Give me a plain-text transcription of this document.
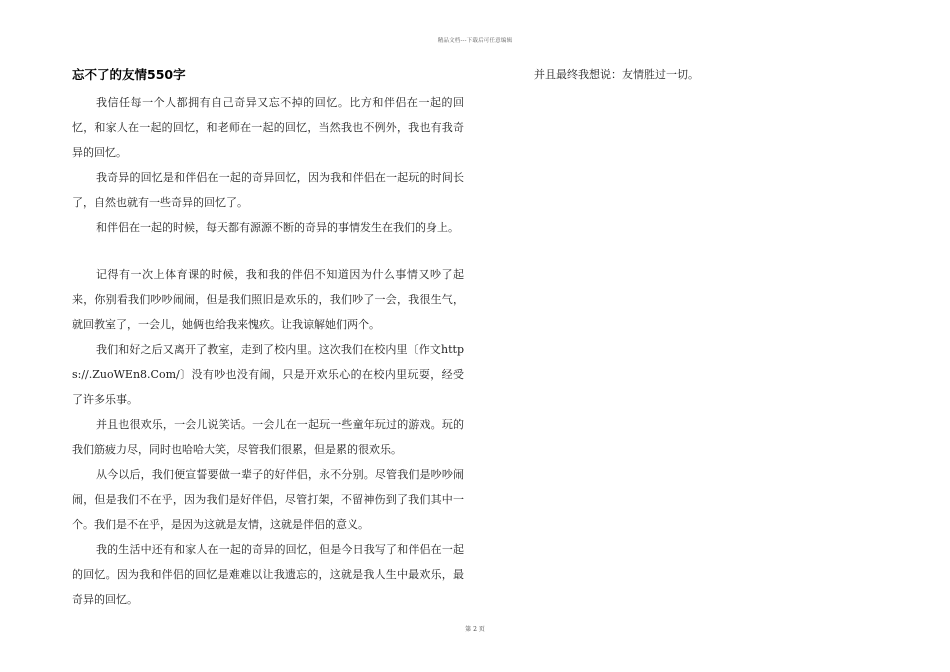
精品文档---下载后可任意编辑
忘不了的友情550字

我信任每一个人都拥有自己奇异又忘不掉的回忆。比方和伴侣在一起的回忆，和家人在一起的回忆，和老师在一起的回忆，当然我也不例外，我也有我奇异的回忆。

我奇异的回忆是和伴侣在一起的奇异回忆，因为我和伴侣在一起玩的时间长了，自然也就有一些奇异的回忆了。

和伴侣在一起的时候，每天都有源源不断的奇异的事情发生在我们的身上。

记得有一次上体育课的时候，我和我的伴侣不知道因为什么事情又吵了起来，你别看我们吵吵闹闹，但是我们照旧是欢乐的，我们吵了一会，我很生气，就回教室了，一会儿，她俩也给我来愧疚。让我谅解她们两个。

我们和好之后又离开了教室，走到了校内里。这次我们在校内里〔作文https://.ZuoWEn8.Com/〕没有吵也没有闹，只是开欢乐心的在校内里玩耍，经受了许多乐事。

并且也很欢乐，一会儿说笑话。一会儿在一起玩一些童年玩过的游戏。玩的我们筋疲力尽，同时也哈哈大笑，尽管我们很累，但是累的很欢乐。

从今以后，我们便宣誓要做一辈子的好伴侣，永不分别。尽管我们是吵吵闹闹，但是我们不在乎，因为我们是好伴侣，尽管打架，不留神伤到了我们其中一个。我们是不在乎，是因为这就是友情，这就是伴侣的意义。

我的生活中还有和家人在一起的奇异的回忆，但是今日我写了和伴侣在一起的回忆。因为我和伴侣的回忆是难难以让我遗忘的，这就是我人生中最欢乐，最奇异的回忆。

并且最终我想说：友情胜过一切。

第 2 页
